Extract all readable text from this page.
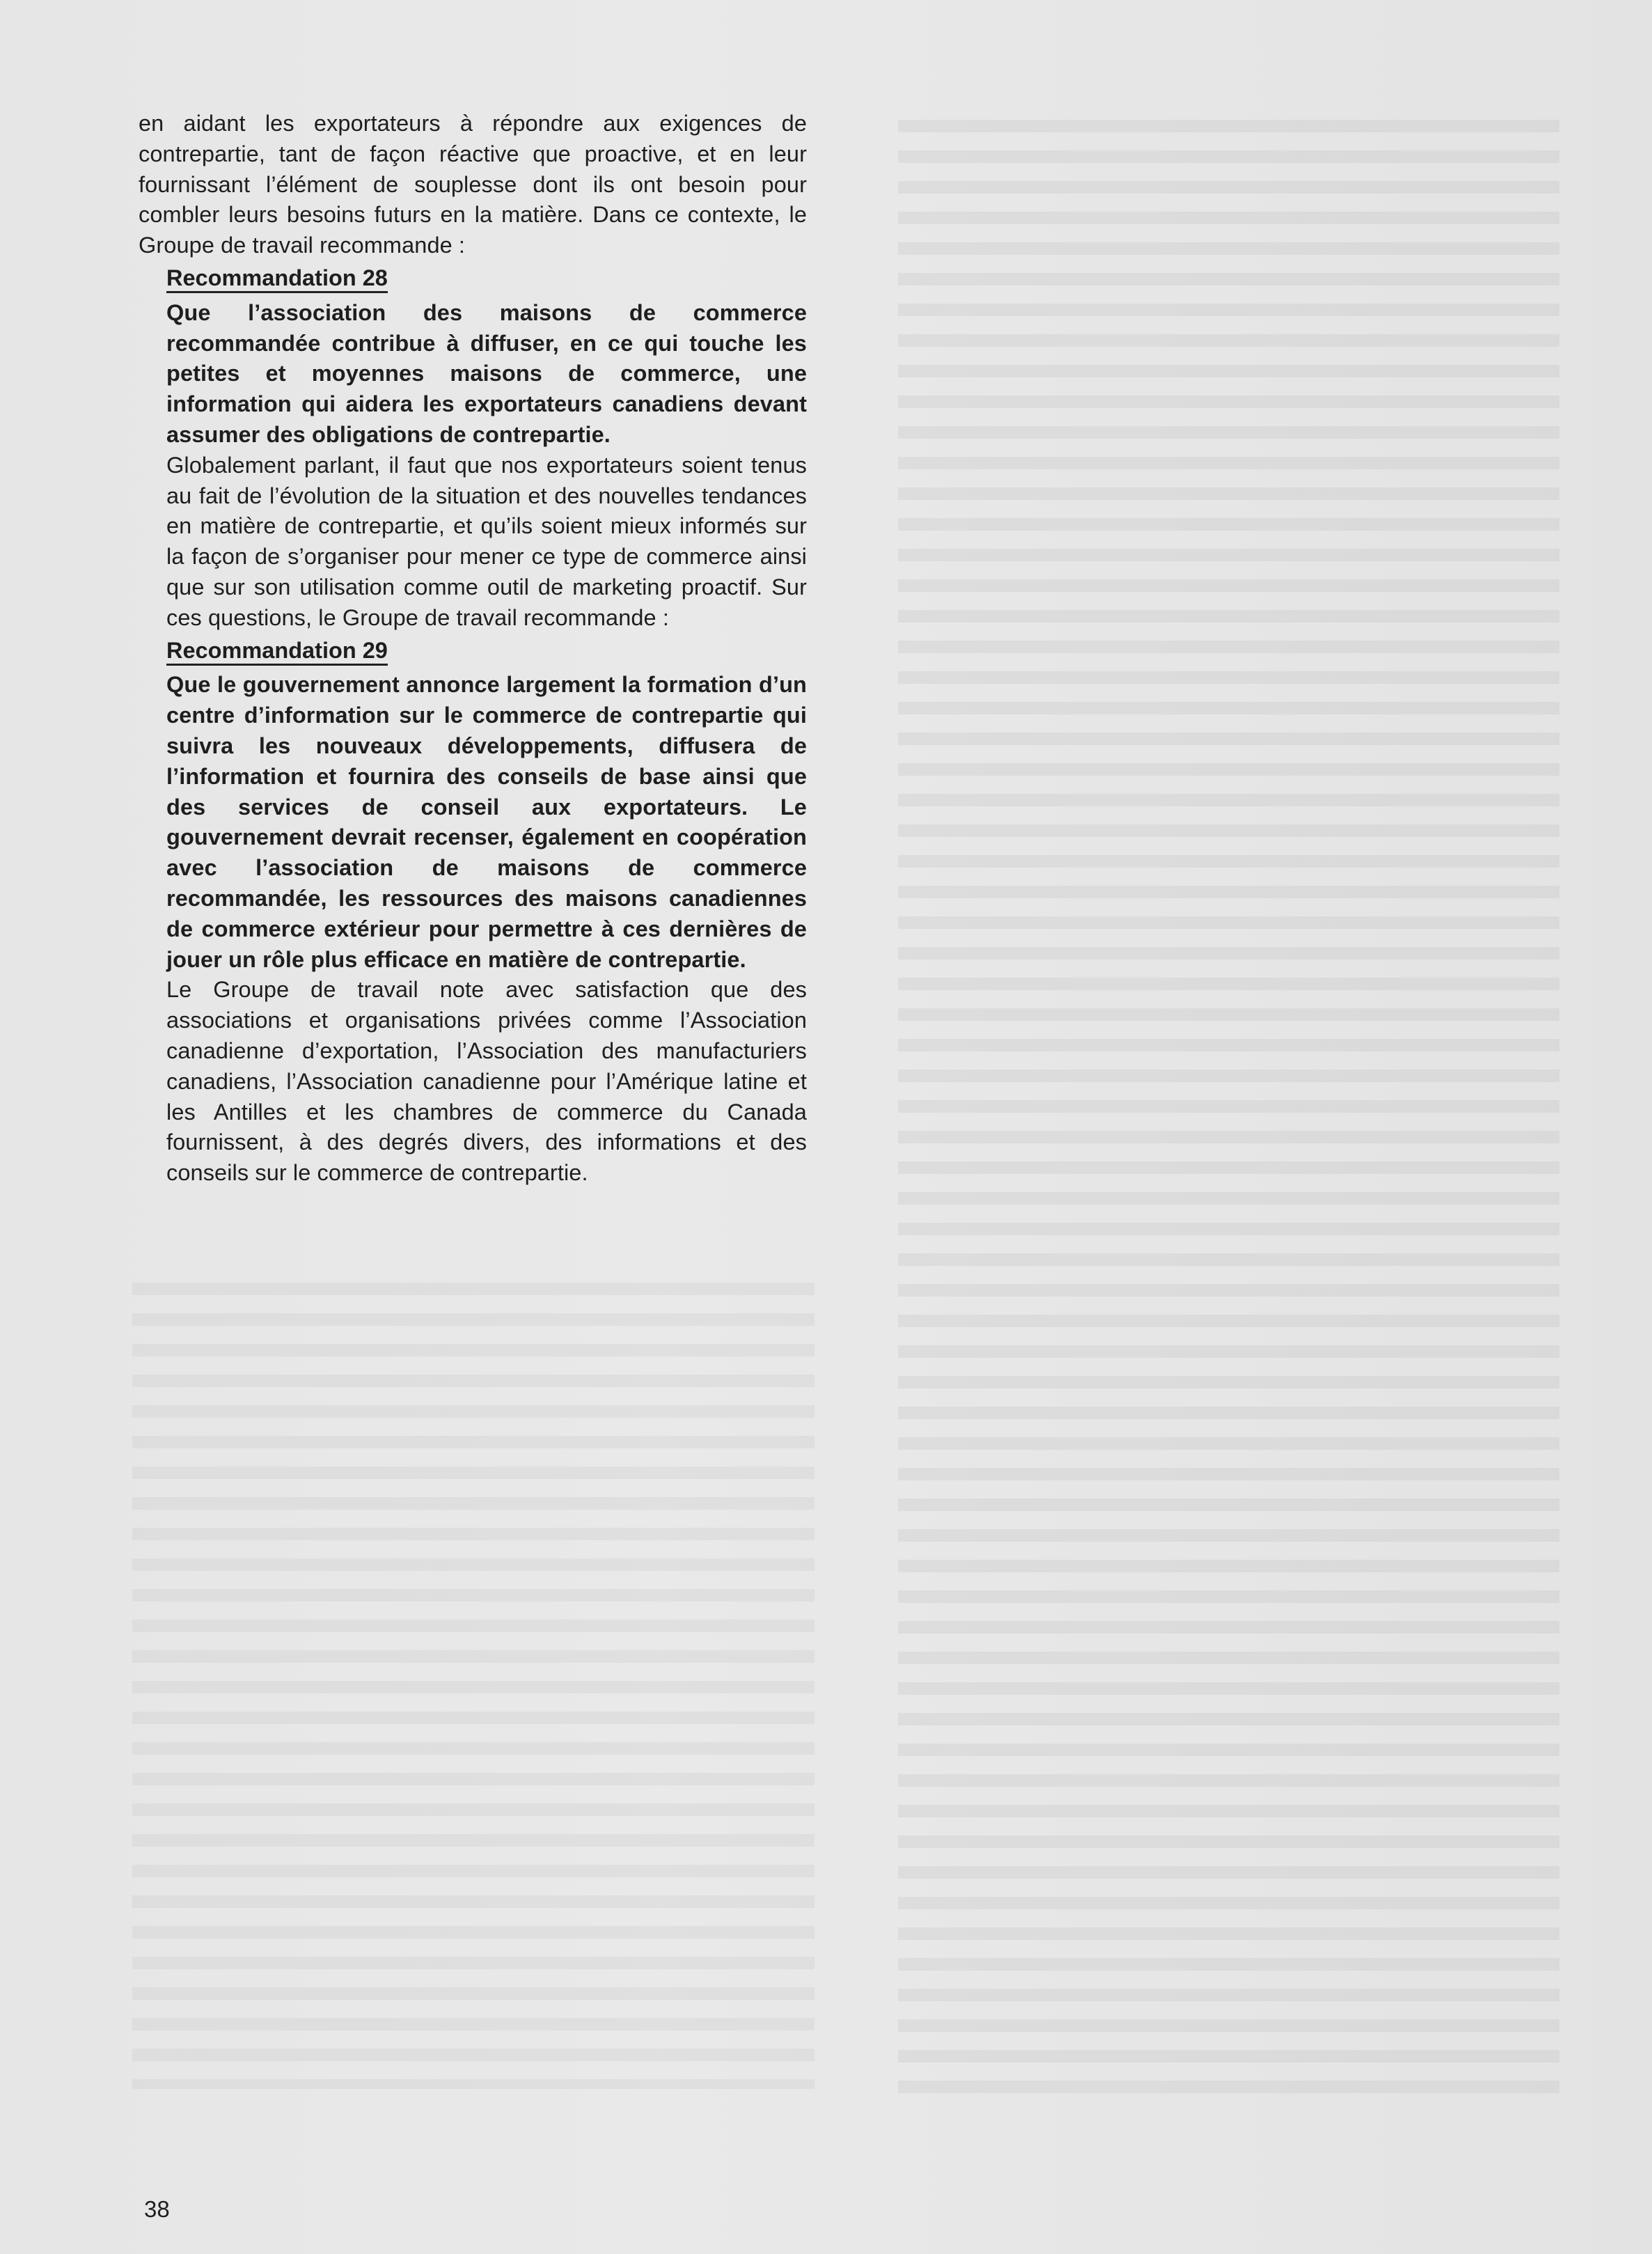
en aidant les exportateurs à répondre aux exigences de contrepartie, tant de façon réactive que proactive, et en leur fournissant l’élément de souplesse dont ils ont besoin pour combler leurs besoins futurs en la matière. Dans ce contexte, le Groupe de travail recommande :

Recommandation 28

Que l’association des maisons de commerce recommandée contribue à diffuser, en ce qui touche les petites et moyennes maisons de commerce, une information qui aidera les exportateurs canadiens devant assumer des obligations de contrepartie.

Globalement parlant, il faut que nos exportateurs soient tenus au fait de l’évolution de la situation et des nouvelles tendances en matière de contrepartie, et qu’ils soient mieux informés sur la façon de s’organiser pour mener ce type de commerce ainsi que sur son utilisation comme outil de marketing proactif. Sur ces questions, le Groupe de travail recommande :

Recommandation 29

Que le gouvernement annonce largement la formation d’un centre d’information sur le commerce de contrepartie qui suivra les nouveaux développements, diffusera de l’information et fournira des conseils de base ainsi que des services de conseil aux exportateurs. Le gouvernement devrait recenser, également en coopération avec l’association de maisons de commerce recommandée, les ressources des maisons canadiennes de commerce extérieur pour permettre à ces dernières de jouer un rôle plus efficace en matière de contrepartie.

Le Groupe de travail note avec satisfaction que des associations et organisations privées comme l’Association canadienne d’exportation, l’Association des manufacturiers canadiens, l’Association canadienne pour l’Amérique latine et les Antilles et les chambres de commerce du Canada fournissent, à des degrés divers, des informations et des conseils sur le commerce de contrepartie.

38
